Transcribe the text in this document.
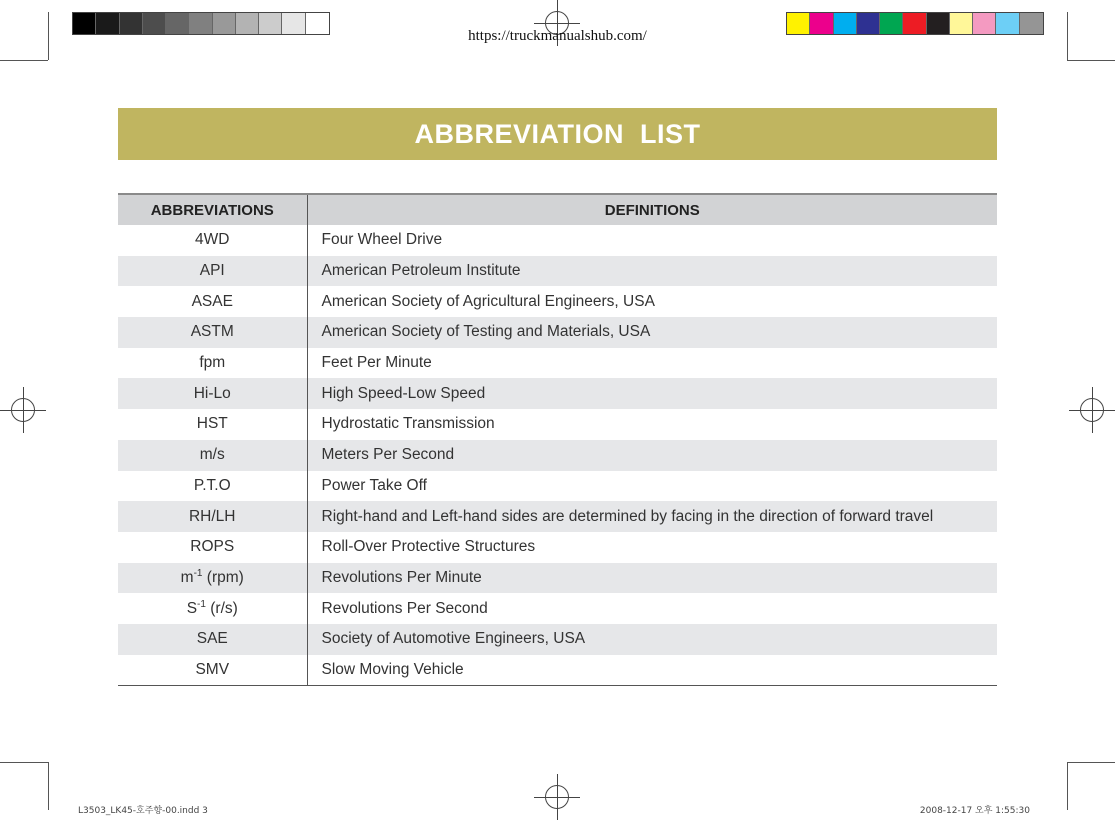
https://truckmanualshub.com/
ABBREVIATION  LIST
ABBREVIATIONS	DEFINITIONS
4WD	Four Wheel Drive
API	American Petroleum Institute
ASAE	American Society of Agricultural Engineers, USA
ASTM	American Society of Testing and Materials, USA
fpm	Feet Per Minute
Hi-Lo	High Speed-Low Speed
HST	Hydrostatic Transmission
m/s	Meters Per Second
P.T.O	Power Take Off
RH/LH	Right-hand and Left-hand sides are determined by facing in the direction of forward travel
ROPS	Roll-Over Protective Structures
$m^{-1}$ (rpm)	Revolutions Per Minute
$S^{-1}$ (r/s)	Revolutions Per Second
SAE	Society of Automotive Engineers, USA
SMV	Slow Moving Vehicle
L3503_LK45-호주향-00.indd 3	2008-12-17 오후 1:55:30
